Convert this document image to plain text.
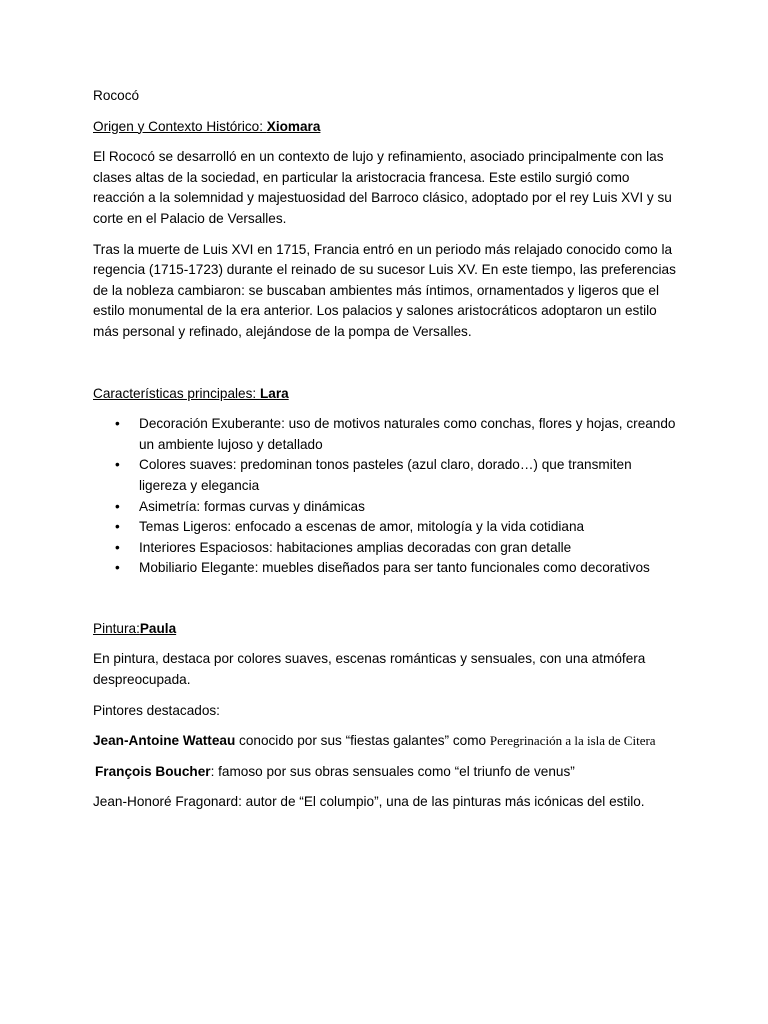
Rococó

Origen y Contexto Histórico: Xiomara

El Rococó se desarrolló en un contexto de lujo y refinamiento, asociado principalmente con las clases altas de la sociedad, en particular la aristocracia francesa. Este estilo surgió como reacción a la solemnidad y majestuosidad del Barroco clásico, adoptado por el rey Luis XVI y su corte en el Palacio de Versalles.

Tras la muerte de Luis XVI en 1715, Francia entró en un periodo más relajado conocido como la regencia (1715-1723) durante el reinado de su sucesor Luis XV. En este tiempo, las preferencias de la nobleza cambiaron: se buscaban ambientes más íntimos, ornamentados y ligeros que el estilo monumental de la era anterior. Los palacios y salones aristocráticos adoptaron un estilo más personal y refinado, alejándose de la pompa de Versalles.

Características principales: Lara

• Decoración Exuberante: uso de motivos naturales como conchas, flores y hojas, creando un ambiente lujoso y detallado
• Colores suaves: predominan tonos pasteles (azul claro, dorado…) que transmiten ligereza y elegancia
• Asimetría: formas curvas y dinámicas
• Temas Ligeros: enfocado a escenas de amor, mitología y la vida cotidiana
• Interiores Espaciosos: habitaciones amplias decoradas con gran detalle
• Mobiliario Elegante: muebles diseñados para ser tanto funcionales como decorativos

Pintura:Paula

En pintura, destaca por colores suaves, escenas románticas y sensuales, con una atmófera despreocupada.

Pintores destacados:

Jean-Antoine Watteau conocido por sus “fiestas galantes” como Peregrinación a la isla de Citera

François Boucher: famoso por sus obras sensuales como “el triunfo de venus”

Jean-Honoré Fragonard: autor de “El columpio”, una de las pinturas más icónicas del estilo.
